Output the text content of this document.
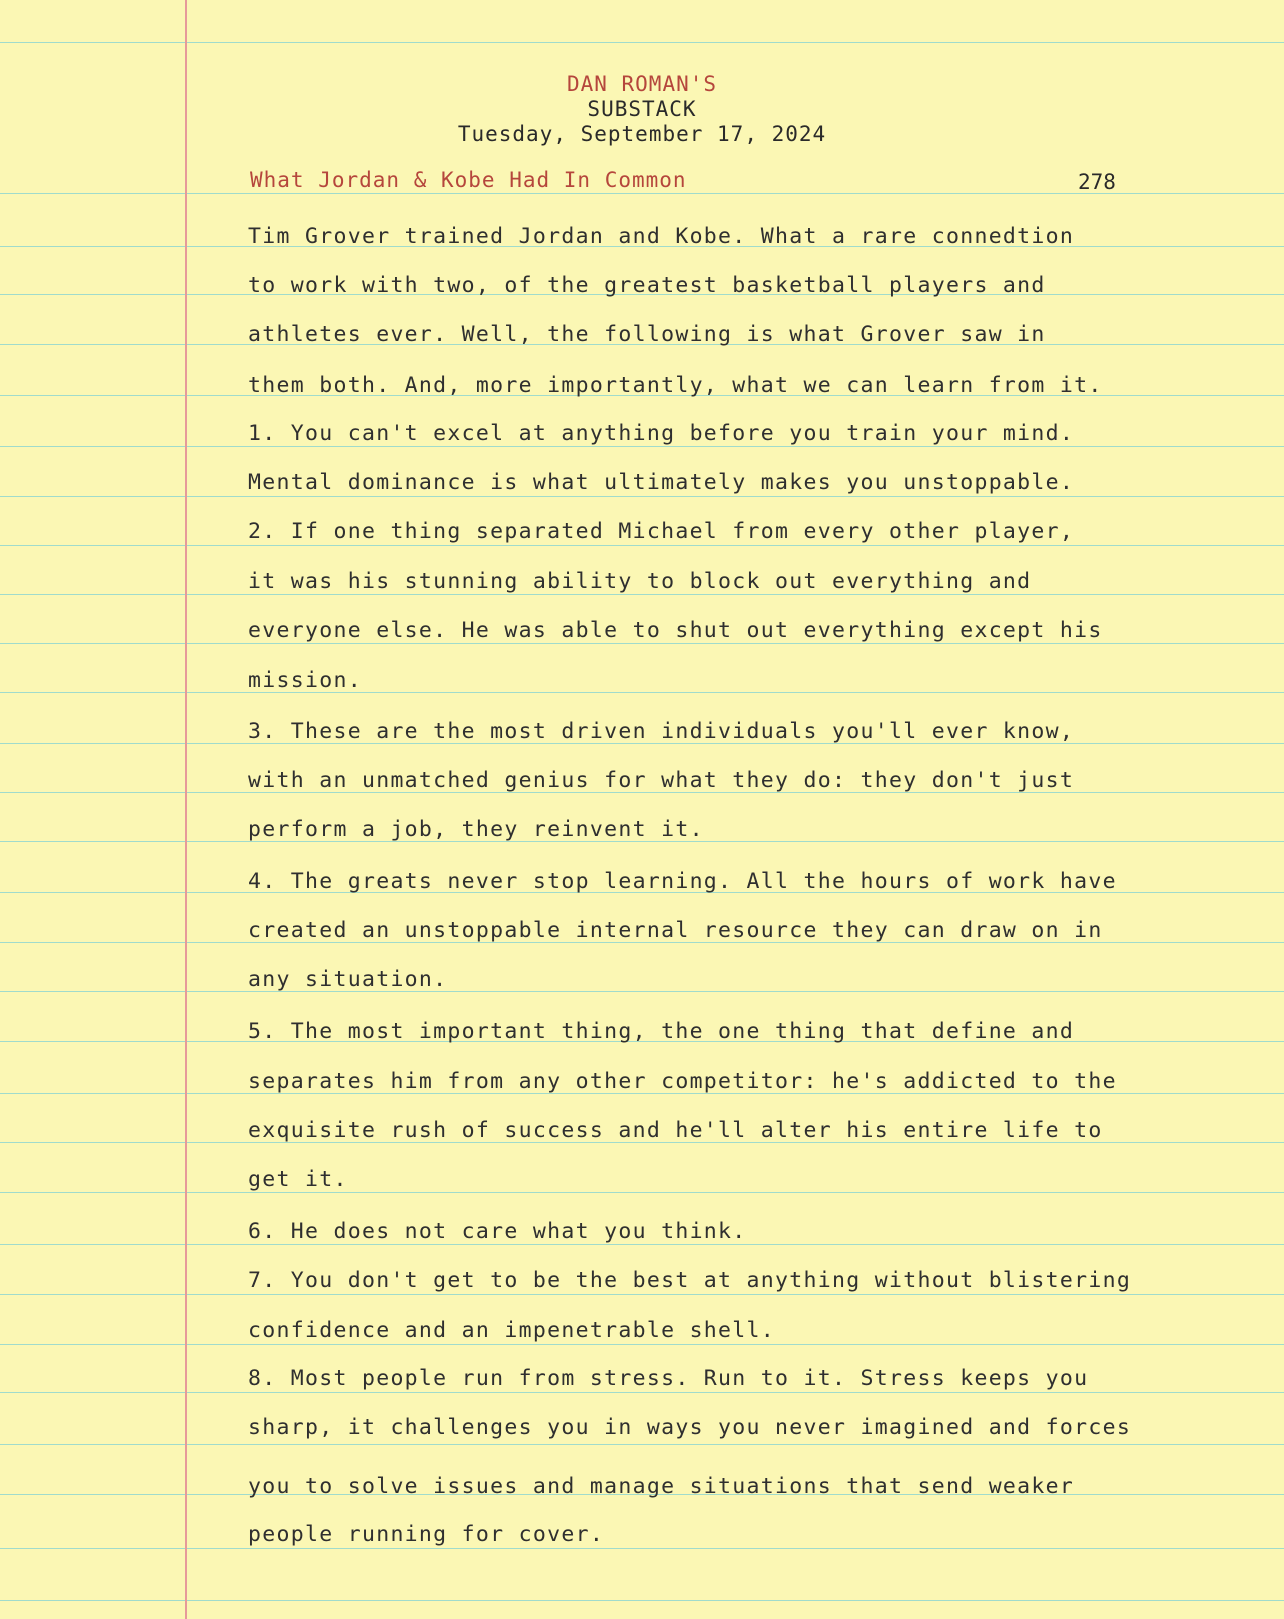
DAN ROMAN'S
SUBSTACK
Tuesday, September 17, 2024
What Jordan & Kobe Had In Common	278
Tim Grover trained Jordan and Kobe. What a rare connedtion
to work with two, of the greatest basketball players and
athletes ever. Well, the following is what Grover saw in
them both. And, more importantly, what we can learn from it.
1. You can't excel at anything before you train your mind.
Mental dominance is what ultimately makes you unstoppable.
2. If one thing separated Michael from every other player,
it was his stunning ability to block out everything and
everyone else. He was able to shut out everything except his
mission.
3. These are the most driven individuals you'll ever know,
with an unmatched genius for what they do: they don't just
perform a job, they reinvent it.
4. The greats never stop learning. All the hours of work have
created an unstoppable internal resource they can draw on in
any situation.
5. The most important thing, the one thing that define and
separates him from any other competitor: he's addicted to the
exquisite rush of success and he'll alter his entire life to
get it.
6. He does not care what you think.
7. You don't get to be the best at anything without blistering
confidence and an impenetrable shell.
8. Most people run from stress. Run to it. Stress keeps you
sharp, it challenges you in ways you never imagined and forces
you to solve issues and manage situations that send weaker
people running for cover.
